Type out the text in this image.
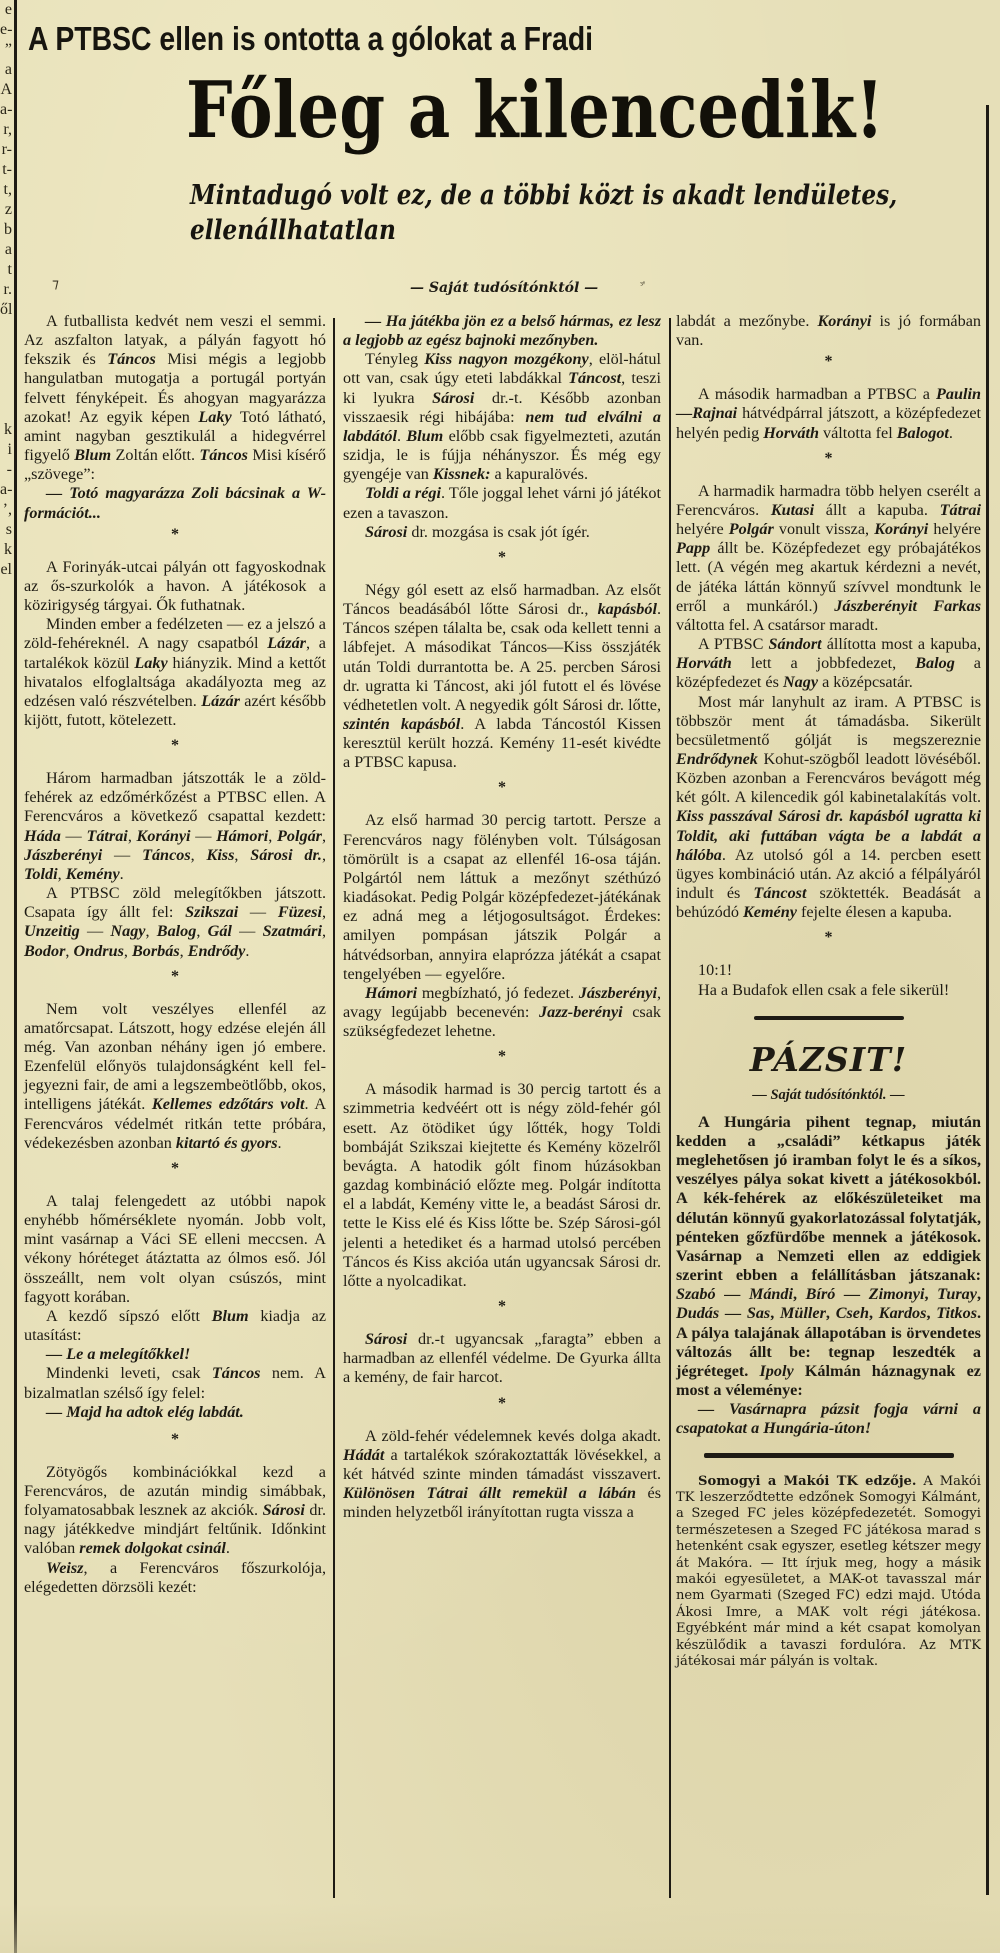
e
e-
”
a
A
a-
r,
r-
t-
t,
z
b
a
t
r.
ől

k
i
-
a-
’,
s
k
el
A PTBSC ellen is ontotta a gólokat a Fradi
Főleg a kilencedik!
Mintadugó volt ez, de a többi közt is akadt lendületes, ellenállhatatlan
⁊	— Saját tudósítónktól —	ᵌ'

A futballista kedvét nem veszi el semmi. Az aszfalton latyak, a pályán fagyott hó fekszik és Táncos Misi mégis a legjobb hangulatban mutogatja a portugál portyán felvett fényképeit. És ahogyan magyarázza azokat! Az egyik képen Laky Totó látható, amint nagyban gesztikulál a hidegvérrel figyelő Blum Zoltán előtt. Táncos Misi kísérő „szövege”:

— Totó magyarázza Zoli bácsinak a W-formációt...

*

A Forinyák-utcai pályán ott fagyoskodnak az ős-szurkolók a havon. A játékosok a közirigység tárgyai. Ők futhatnak.

Minden ember a fedélzeten — ez a jelszó a zöld-fehéreknél. A nagy csapatból Lázár, a tartalékok közül Laky hiányzik. Mind a kettőt hivatalos elfoglaltsága akadályozta meg az edzésen való részvételben. Lázár azért később kijött, futott, kötelezett.

*

Három harmadban játszották le a zöld-fehérek az edzőmérkőzést a PTBSC ellen. A Ferencváros a következő csapattal kezdett: Háda — Tátrai, Korányi — Hámori, Polgár, Jászberényi — Táncos, Kiss, Sárosi dr., Toldi, Kemény.

A PTBSC zöld melegítőkben játszott. Csapata így állt fel: Szikszai — Füzesi, Unzeitig — Nagy, Balog, Gál — Szatmári, Bodor, Ondrus, Borbás, Endrődy.

*

Nem volt veszélyes ellenfél az amatőrcsapat. Látszott, hogy edzése elején áll még. Van azonban néhány igen jó embere. Ezenfelül előnyös tulajdonságként kell feljegyezni fair, de ami a legszembeötlőbb, okos, intelligens játékát. Kellemes edzőtárs volt. A Ferencváros védelmét ritkán tette próbára, védekezésben azonban kitartó és gyors.

*

A talaj felengedett az utóbbi napok enyhébb hőmérséklete nyomán. Jobb volt, mint vasárnap a Váci SE elleni meccsen. A vékony hóréteget átáztatta az ólmos eső. Jól összeállt, nem volt olyan csúszós, mint fagyott korában.

A kezdő sípszó előtt Blum kiadja az utasítást:

— Le a melegítőkkel!

Mindenki leveti, csak Táncos nem. A bizalmatlan szélső így felel:

— Majd ha adtok elég labdát.

*

Zötyögős kombinációkkal kezd a Ferencváros, de azután mindig simábbak, folyamatosabbak lesznek az akciók. Sárosi dr. nagy játékkedve mindjárt feltűnik. Időnkint valóban remek dolgokat csinál.

Weisz, a Ferencváros főszurkolója, elégedetten dörzsöli kezét:

— Ha játékba jön ez a belső hármas, ez lesz a legjobb az egész bajnoki mezőnyben.

Tényleg Kiss nagyon mozgékony, elöl-hátul ott van, csak úgy eteti labdákkal Táncost, teszi ki lyukra Sárosi dr.-t. Később azonban visszaesik régi hibájába: nem tud elválni a labdától. Blum előbb csak figyelmezteti, azután szidja, le is fújja néhányszor. És még egy gyengéje van Kissnek: a kapuralövés.

Toldi a régi. Tőle joggal lehet várni jó játékot ezen a tavaszon.

Sárosi dr. mozgása is csak jót ígér.

*

Négy gól esett az első harmadban. Az elsőt Táncos beadásából lőtte Sárosi dr., kapásból. Táncos szépen tálalta be, csak oda kellett tenni a lábfejet. A másodikat Táncos—Kiss összjáték után Toldi durrantotta be. A 25. percben Sárosi dr. ugratta ki Táncost, aki jól futott el és lövése védhetetlen volt. A negyedik gólt Sárosi dr. lőtte, szintén kapásból. A labda Táncostól Kissen keresztül került hozzá. Kemény 11-esét kivédte a PTBSC kapusa.

*

Az első harmad 30 percig tartott. Persze a Ferencváros nagy fölényben volt. Túlságosan tömörült is a csapat az ellenfél 16-osa táján. Polgártól nem láttuk a mezőnyt széthúzó kiadásokat. Pedig Polgár középfedezet-játékának ez adná meg a létjogosultságot. Érdekes: amilyen pompásan játszik Polgár a hátvédsorban, annyira elaprózza játékát a csapat tengelyében — egyelőre.

Hámori megbízható, jó fedezet. Jászberényi, avagy legújabb becenevén: Jazz-berényi csak szükségfedezet lehetne.

*

A második harmad is 30 percig tartott és a szimmetria kedvéért ott is négy zöld-fehér gól esett. Az ötödiket úgy lőtték, hogy Toldi bombáját Szikszai kiejtette és Kemény közelről bevágta. A hatodik gólt finom húzásokban gazdag kombináció előzte meg. Polgár indította el a labdát, Kemény vitte le, a beadást Sárosi dr. tette le Kiss elé és Kiss lőtte be. Szép Sárosi-gól jelenti a hetediket és a harmad utolsó percében Táncos és Kiss akcióa után ugyancsak Sárosi dr. lőtte a nyolcadikat.

*

Sárosi dr.-t ugyancsak „faragta” ebben a harmadban az ellenfél védelme. De Gyurka állta a kemény, de fair harcot.

*

A zöld-fehér védelemnek kevés dolga akadt. Hádát a tartalékok szórakoztatták lövésekkel, a két hátvéd szinte minden támadást visszavert. Különösen Tátrai állt remekül a lábán és minden helyzetből irányítottan rugta vissza a

labdát a mezőnybe. Korányi is jó formában van.

*

A második harmadban a PTBSC a Paulin—Rajnai hátvédpárral játszott, a középfedezet helyén pedig Horváth váltotta fel Balogot.

*

A harmadik harmadra több helyen cserélt a Ferencváros. Kutasi állt a kapuba. Tátrai helyére Polgár vonult vissza, Korányi helyére Papp állt be. Középfedezet egy próbajátékos lett. (A végén meg akartuk kérdezni a nevét, de játéka láttán könnyű szívvel mondtunk le erről a munkáról.) Jászberényit Farkas váltotta fel. A csatársor maradt.

A PTBSC Sándort állította most a kapuba, Horváth lett a jobbfedezet, Balog a középfedezet és Nagy a középcsatár.

Most már lanyhult az iram. A PTBSC is többször ment át támadásba. Sikerült becsületmentő gólját is megszereznie Endrődynek Kohut-szögből leadott lövéséből. Közben azonban a Ferencváros bevágott még két gólt. A kilencedik gól kabinetalakítás volt. Kiss passzával Sárosi dr. kapásból ugratta ki Toldit, aki futtában vágta be a labdát a hálóba. Az utolsó gól a 14. percben esett ügyes kombináció után. Az akció a félpályáról indult és Táncost szöktették. Beadását a behúzódó Kemény fejelte élesen a kapuba.

*

10:1!

Ha a Budafok ellen csak a fele sikerül!

PÁZSIT!
— Saját tudósítónktól. —

A Hungária pihent tegnap, miután kedden a „családi” kétkapus játék meglehetősen jó iramban folyt le és a síkos, veszélyes pálya sokat kivett a játékosokból. A kék-fehérek az előkészületeiket ma délután könnyű gyakorlatozással folytatják, pénteken gőzfürdőbe mennek a játékosok. Vasárnap a Nemzeti ellen az eddigiek szerint ebben a felállításban játszanak: Szabó — Mándi, Bíró — Zimonyi, Turay, Dudás — Sas, Müller, Cseh, Kardos, Titkos. A pálya talajának állapotában is örvendetes változás állt be: tegnap leszedték a jégréteget. Ipoly Kálmán háznagynak ez most a véleménye:

— Vasárnapra pázsit fogja várni a csapatokat a Hungária-úton!

Somogyi a Makói TK edzője. A Makói TK leszerződtette edzőnek Somogyi Kálmánt, a Szeged FC jeles középfedezetét. Somogyi természetesen a Szeged FC játékosa marad s hetenként csak egyszer, esetleg kétszer megy át Makóra. — Itt írjuk meg, hogy a másik makói egyesületet, a MAK-ot tavasszal már nem Gyarmati (Szeged FC) edzi majd. Utóda Ákosi Imre, a MAK volt régi játékosa. Egyébként már mind a két csapat komolyan készülődik a tavaszi fordulóra. Az MTK játékosai már pályán is voltak.
